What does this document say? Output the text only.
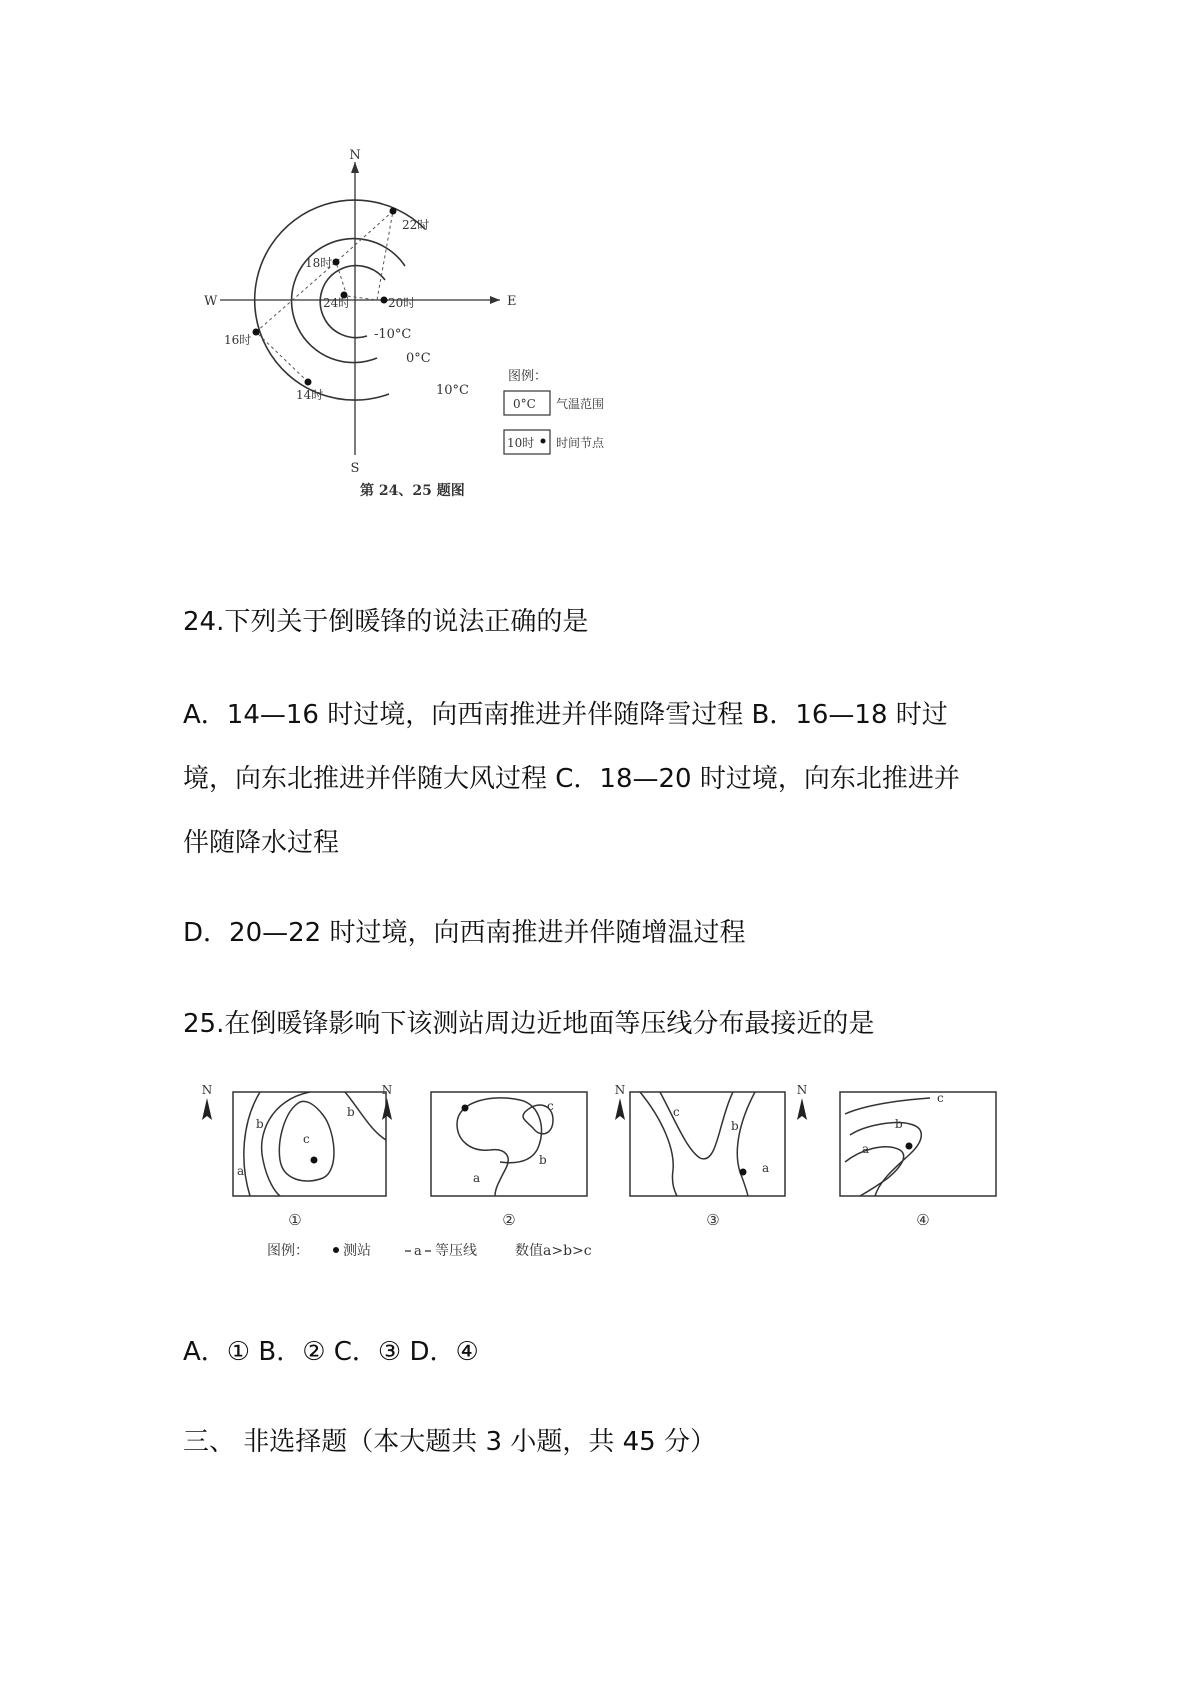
N
S
W	E
-10°C
0°C
10°C
14时
16时
18时
20时
22时
24时
图例：
0°C 气温范围
10时 时间节点
第 24、25 题图

24.下列关于倒暖锋的说法正确的是

A．14—16 时过境，向西南推进并伴随降雪过程 B．16—18 时过境，向东北推进并伴随大风过程 C．18—20 时过境，向东北推进并伴随降水过程

D．20—22 时过境，向西南推进并伴随增温过程

25.在倒暖锋影响下该测站周边近地面等压线分布最接近的是

N
a
b
c
b
①
N
a
b
c
②
N
c
b
a
③
N
a
b
c
④
图例： 测站	a 等压线	数值a>b>c

A．① B．② C．③ D．④

三、 非选择题（本大题共 3 小题，共 45 分）
